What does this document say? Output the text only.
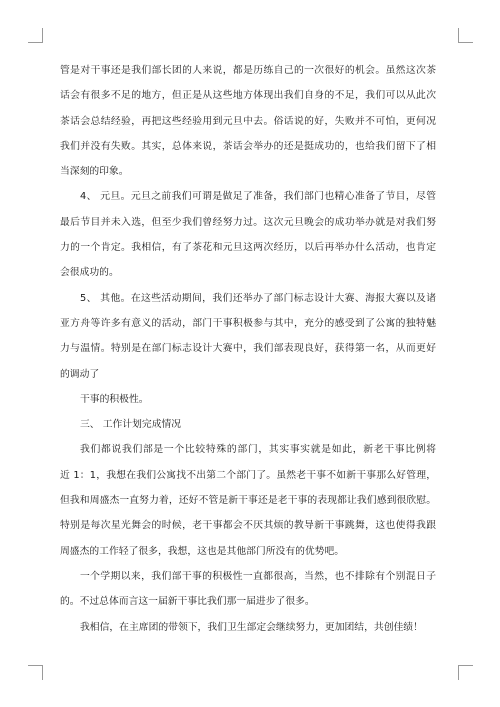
管是对干事还是我们部长团的人来说，都是历练自己的一次很好的机会。虽然这次茶
话会有很多不足的地方，但正是从这些地方体现出我们自身的不足，我们可以从此次
茶话会总结经验，再把这些经验用到元旦中去。俗话说的好，失败并不可怕，更何况
我们并没有失败。其实，总体来说，茶话会举办的还是挺成功的，也给我们留下了相
当深刻的印象。
4、 元旦。元旦之前我们可谓是做足了准备，我们部门也精心准备了节目，尽管
最后节目并未入选，但至少我们曾经努力过。这次元旦晚会的成功举办就是对我们努
力的一个肯定。我相信，有了茶花和元旦这两次经历，以后再举办什么活动，也肯定
会很成功的。
5、 其他。在这些活动期间，我们还举办了部门标志设计大赛、海报大赛以及诸
亚方舟等许多有意义的活动，部门干事积极参与其中，充分的感受到了公寓的独特魅
力与温情。特别是在部门标志设计大赛中，我们部表现良好，获得第一名，从而更好
的调动了
干事的积极性。
三、 工作计划完成情况
我们都说我们部是一个比较特殊的部门，其实事实就是如此，新老干事比例将
近 1：1，我想在我们公寓找不出第二个部门了。虽然老干事不如新干事那么好管理，
但我和周盛杰一直努力着，还好不管是新干事还是老干事的表现都让我们感到很欣慰。
特别是每次星光舞会的时候，老干事都会不厌其烦的教导新干事跳舞，这也使得我跟
周盛杰的工作轻了很多，我想，这也是其他部门所没有的优势吧。
一个学期以来，我们部干事的积极性一直都很高，当然，也不排除有个别混日子
的。不过总体而言这一届新干事比我们那一届进步了很多。
我相信，在主席团的带领下，我们卫生部定会继续努力，更加团结，共创佳绩！
